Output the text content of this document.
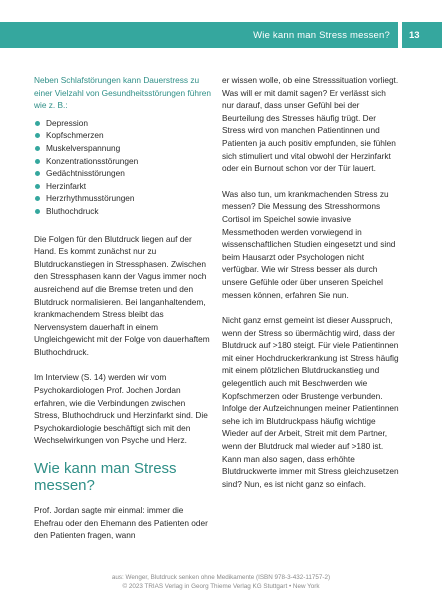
Wie kann man Stress messen?	13

Neben Schlafstörungen kann Dauerstress zu einer Vielzahl von Gesundheitsstörungen führen wie z. B.:

Depression
Kopfschmerzen
Muskelverspannung
Konzentrationsstörungen
Gedächtnisstörungen
Herzinfarkt
Herzrhythmusstörungen
Bluthochdruck

Die Folgen für den Blutdruck liegen auf der Hand. Es kommt zunächst nur zu Blutdruckanstiegen in Stressphasen. Zwischen den Stressphasen kann der Vagus immer noch ausreichend auf die Bremse treten und den Blutdruck normalisieren. Bei langanhaltendem, krankmachendem Stress bleibt das Nervensystem dauerhaft in einem Ungleichgewicht mit der Folge von dauerhaftem Bluthochdruck.

Im Interview (S. 14) werden wir vom Psychokardiologen Prof. Jochen Jordan erfahren, wie die Verbindungen zwischen Stress, Bluthochdruck und Herzinfarkt sind. Die Psychokardiologie beschäftigt sich mit den Wechselwirkungen von Psyche und Herz.

Wie kann man Stress messen?

Prof. Jordan sagte mir einmal: immer die Ehefrau oder den Ehemann des Patienten oder den Patienten fragen, wann

er wissen wolle, ob eine Stresssituation vorliegt. Was will er mit damit sagen? Er verlässt sich nur darauf, dass unser Gefühl bei der Beurteilung des Stresses häufig trügt. Der Stress wird von manchen Patientinnen und Patienten ja auch positiv empfunden, sie fühlen sich stimuliert und vital obwohl der Herzinfarkt oder ein Burnout schon vor der Tür lauert.

Was also tun, um krankmachenden Stress zu messen? Die Messung des Stresshormons Cortisol im Speichel sowie invasive Messmethoden werden vorwiegend in wissenschaftlichen Studien eingesetzt und sind beim Hausarzt oder Psychologen nicht verfügbar. Wie wir Stress besser als durch unsere Gefühle oder über unseren Speichel messen können, erfahren Sie nun.

Nicht ganz ernst gemeint ist dieser Ausspruch, wenn der Stress so übermächtig wird, dass der Blutdruck auf >180 steigt. Für viele Patientinnen mit einer Hochdruckerkrankung ist Stress häufig mit einem plötzlichen Blutdruckanstieg und gelegentlich auch mit Beschwerden wie Kopfschmerzen oder Brustenge verbunden. Infolge der Aufzeichnungen meiner Patientinnen sehe ich im Blutdruckpass häufig wichtige Wieder auf der Arbeit, Streit mit dem Partner, wenn der Blutdruck mal wieder auf >180 ist. Kann man also sagen, dass erhöhte Blutdruckwerte immer mit Stress gleichzusetzen sind? Nun, es ist nicht ganz so einfach.

aus: Wenger, Blutdruck senken ohne Medikamente (ISBN 978-3-432-11757-2)
© 2023 TRIAS Verlag in Georg Thieme Verlag KG Stuttgart • New York
